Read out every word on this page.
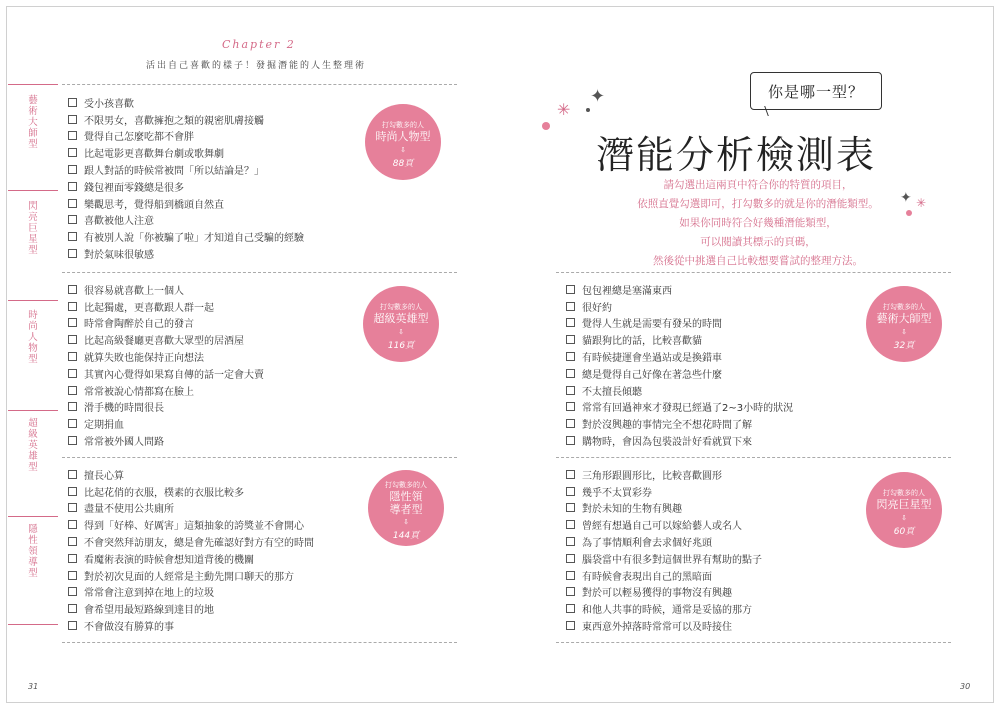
Chapter 2
活出自己喜歡的樣子！發掘潛能的人生整理術
藝術大師型
閃亮巨星型
時尚人物型
超級英雄型
隱性領導型
受小孩喜歡
不限男女，喜歡擁抱之類的親密肌膚接觸
覺得自己怎麼吃都不會胖
比起電影更喜歡舞台劇或歌舞劇
跟人對話的時候常被問「所以結論是？」
錢包裡面零錢總是很多
樂觀思考，覺得船到橋頭自然直
喜歡被他人注意
有被別人說「你被騙了啦」才知道自己受騙的經驗
對於氣味很敏感
打勾數多的人
時尚人物型
⇩
88頁
很容易就喜歡上一個人
比起獨處，更喜歡跟人群一起
時常會陶醉於自己的發言
比起高級餐廳更喜歡大眾型的居酒屋
就算失敗也能保持正向想法
其實內心覺得如果寫自傳的話一定會大賣
常常被說心情都寫在臉上
滑手機的時間很長
定期捐血
常常被外國人問路
打勾數多的人
超級英雄型
⇩
116頁
擅長心算
比起花俏的衣服，樸素的衣服比較多
盡量不使用公共廁所
得到「好棒、好厲害」這類抽象的誇獎並不會開心
不會突然拜訪朋友，總是會先確認好對方有空的時間
看魔術表演的時候會想知道背後的機關
對於初次見面的人經常是主動先開口聊天的那方
常常會注意到掉在地上的垃圾
會希望用最短路線到達目的地
不會做沒有勝算的事
打勾數多的人
隱性領
導者型
⇩
144頁
你是哪一型？
✳
✦
✦ ✳
潛能分析檢測表
請勾選出這兩頁中符合你的特質的項目，
依照直覺勾選即可，打勾數多的就是你的潛能類型。
如果你同時符合好幾種潛能類型，
可以閱讀其標示的頁碼，
然後從中挑選自己比較想要嘗試的整理方法。
包包裡總是塞滿東西
很好約
覺得人生就是需要有發呆的時間
貓跟狗比的話，比較喜歡貓
有時候捷運會坐過站或是換錯車
總是覺得自己好像在著急些什麼
不太擅長傾聽
常常有回過神來才發現已經過了2~3小時的狀況
對於沒興趣的事情完全不想花時間了解
購物時，會因為包裝設計好看就買下來
打勾數多的人
藝術大師型
⇩
32頁
三角形跟圓形比，比較喜歡圓形
幾乎不太買彩券
對於未知的生物有興趣
曾經有想過自己可以嫁給藝人或名人
為了事情順利會去求個好兆頭
腦袋當中有很多對這個世界有幫助的點子
有時候會表現出自己的黑暗面
對於可以輕易獲得的事物沒有興趣
和他人共事的時候，通常是妥協的那方
東西意外掉落時常常可以及時接住
打勾數多的人
閃亮巨星型
⇩
60頁
31	30
